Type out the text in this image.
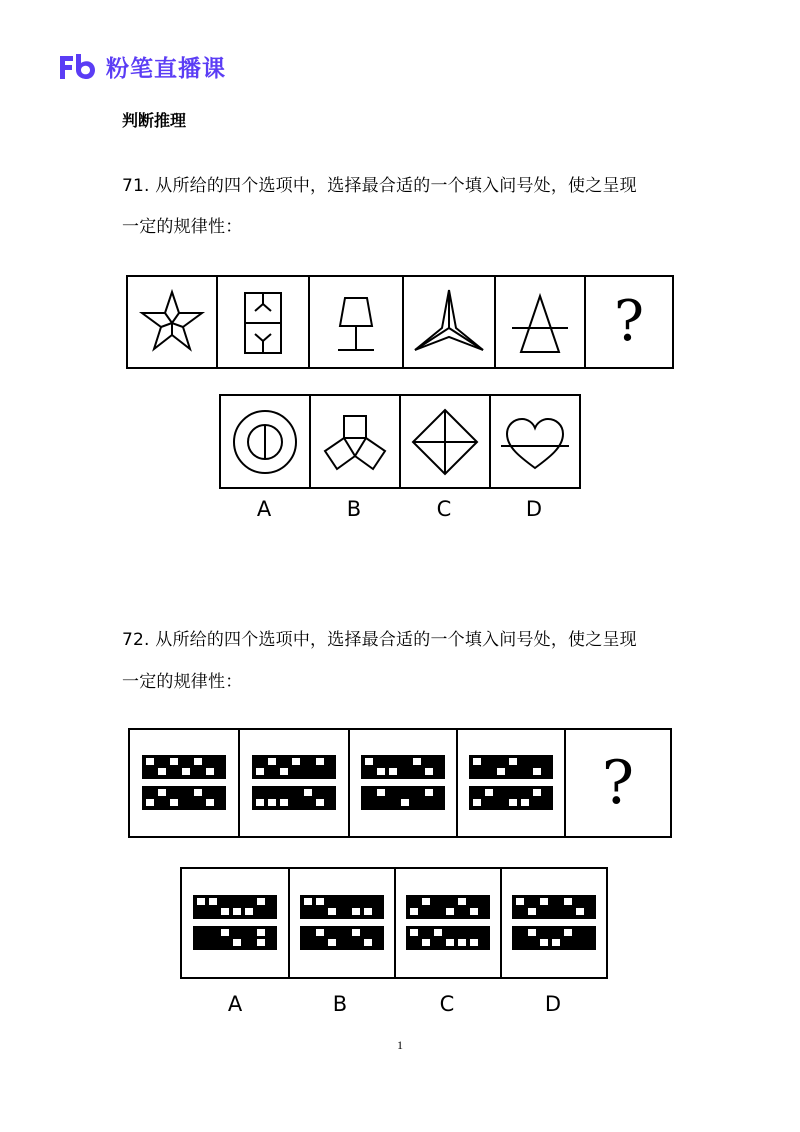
粉笔直播课
判断推理
71. 从所给的四个选项中，选择最合适的一个填入问号处，使之呈现
一定的规律性：
?
A	B	C	D
72. 从所给的四个选项中，选择最合适的一个填入问号处，使之呈现
一定的规律性：
?
A	B	C	D
1
